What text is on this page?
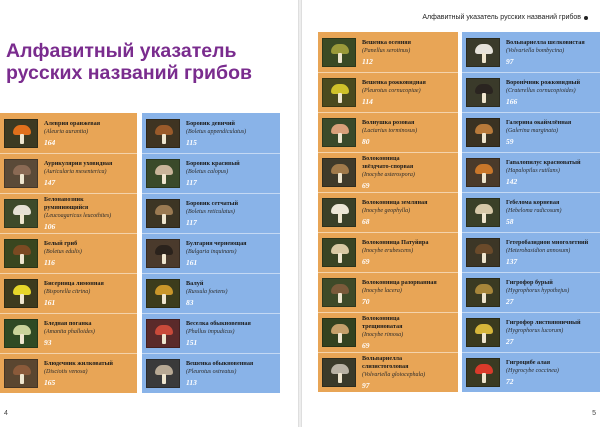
Алфавитный указатель русских названий грибов
Алеврия оранжевая
(Aleuria aurantia)
164
Аурикулярия уховидная
(Auricularia mesenterica)
147
Белонавозник
румяниющийся
(Leucoagaricus leucothites)
106
Белый гриб
(Boletus edulis)
116
Бисерница лимонная
(Bisporella citrina)
161
Бледная поганка
(Amanita phalloides)
93
Блюдечник жилковатый
(Disciotis venosa)
165
Боровик девичий
(Boletus appendiculatus)
115
Боровик красивый
(Boletus calopus)
117
Боровик сетчатый
(Boletus reticulatus)
117
Булгария чернеющая
(Bulgaria inquinans)
161
Валуй
(Russula foetens)
83
Веселка обыкновенная
(Phallus impudicus)
151
Вешенка обыкновенная
(Pleurotus ostreatus)
113
4
Алфавитный указатель русских названий грибов
Вешенка осенняя
(Panellus serotinus)
112
Вешенка рожковидная
(Pleurotus cornucopiae)
114
Волнушка розовая
(Lactarius torminosus)
80
Волоконница
звёздчато-спорвая
(Inocybe asterospora)
69
Волоконница земляная
(Inocybe geophylla)
68
Волоконница Патуйяра
(Inocybe erubescens)
69
Волоконница разорванная
(Inocybe lacera)
70
Волоконница
трещиноватая
(Inocybe rimosa)
69
Вольвариелла
слизистоголовая
(Volvariella gloiocephala)
97
Вольвариелла шелковистая
(Volvariella bombycina)
97
Воронічник рожковидный
(Craterellus cornucopioides)
166
Галерина окаймлённая
(Galerina marginata)
59
Гапалопилус красноватый
(Hapalopilus rutilans)
142
Гебелома корневая
(Hebeloma radicosum)
58
Гетеробазидион многолетний
(Heterobasidion annosum)
137
Гигрофор бурый
(Hygrophorus hypothejus)
27
Гигрофор листвянничный
(Hygrophorus lucorum)
27
Гигроцибе алая
(Hygrocybe coccinea)
72
5
